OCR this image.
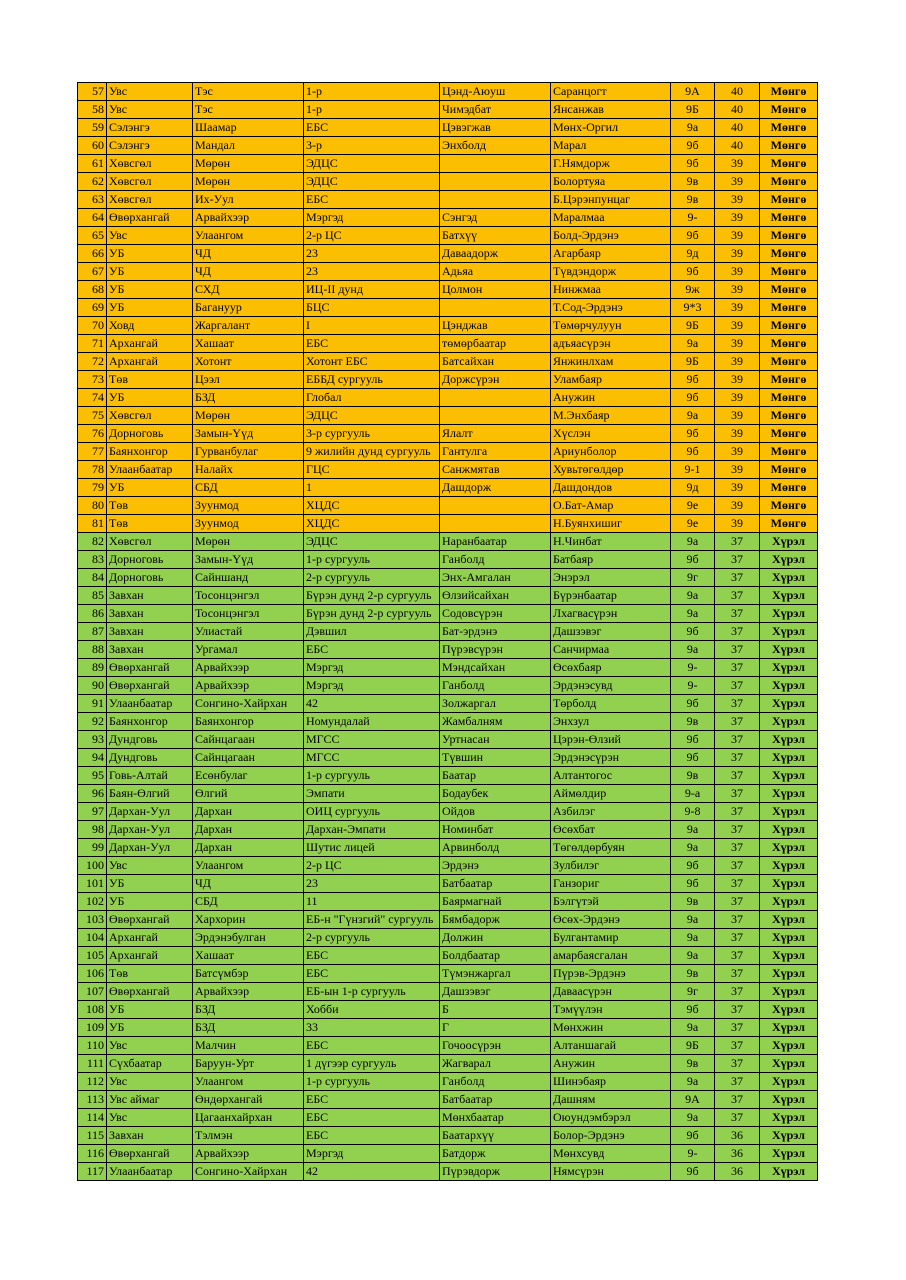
57	Увс	Тэс	1-р	Цэнд-Аюуш	Саранцогт	9А	40	Мөнгө
58	Увс	Тэс	1-р	Чимэдбат	Янсанжав	9Б	40	Мөнгө
59	Сэлэнгэ	Шаамар	ЕБС	Цэвэгжав	Мөнх-Оргил	9а	40	Мөнгө
60	Сэлэнгэ	Мандал	3-р	Энхболд	Марал	9б	40	Мөнгө
61	Хөвсгөл	Мөрөн	ЭДЦС		Г.Нямдорж	9б	39	Мөнгө
62	Хөвсгөл	Мөрөн	ЭДЦС		Болортуяа	9в	39	Мөнгө
63	Хөвсгөл	Их-Уул	ЕБС		Б.Цэрэнпунцаг	9в	39	Мөнгө
64	Өвөрхангай	Арвайхээр	Мэргэд	Сэнгэд	Маралмаа	9-	39	Мөнгө
65	Увс	Улаангом	2-р ЦС	Батхүү	Болд-Эрдэнэ	9б	39	Мөнгө
66	УБ	ЧД	23	Даваадорж	Агарбаяр	9д	39	Мөнгө
67	УБ	ЧД	23	Адьяа	Түвдэндорж	9б	39	Мөнгө
68	УБ	СХД	ИЦ-II дунд	Цолмон	Нинжмаа	9ж	39	Мөнгө
69	УБ	Багануур	БЦС		Т.Сод-Эрдэнэ	9*3	39	Мөнгө
70	Ховд	Жаргалант	I	Цэнджав	Төмөрчулуун	9Б	39	Мөнгө
71	Архангай	Хашаат	ЕБС	төмөрбаатар	адъяасүрэн	9а	39	Мөнгө
72	Архангай	Хотонт	Хотонт ЕБС	Батсайхан	Янжинлхам	9Б	39	Мөнгө
73	Төв	Цээл	ЕББД сургууль	Доржсүрэн	Уламбаяр	9б	39	Мөнгө
74	УБ	БЗД	Глобал		Анужин	9б	39	Мөнгө
75	Хөвсгөл	Мөрөн	ЭДЦС		М.Энхбаяр	9а	39	Мөнгө
76	Дорноговь	Замын-Үүд	3-р сургууль	Ялалт	Хүслэн	9б	39	Мөнгө
77	Баянхонгор	Гурванбулаг	9 жилийн дунд сургууль	Гантулга	Ариунболор	9б	39	Мөнгө
78	Улаанбаатар	Налайх	ГЦС	Санжмятав	Хувьтөгөлдөр	9-1	39	Мөнгө
79	УБ	СБД	1	Дашдорж	Дашдондов	9д	39	Мөнгө
80	Төв	Зуунмод	ХЦДС		О.Бат-Амар	9е	39	Мөнгө
81	Төв	Зуунмод	ХЦДС		Н.Буянхишиг	9е	39	Мөнгө
82	Хөвсгөл	Мөрөн	ЭДЦС	Наранбаатар	Н.Чинбат	9а	37	Хүрэл
83	Дорноговь	Замын-Үүд	1-р сургууль	Ганболд	Батбаяр	9б	37	Хүрэл
84	Дорноговь	Сайншанд	2-р сургууль	Энх-Амгалан	Энэрэл	9г	37	Хүрэл
85	Завхан	Тосонцэнгэл	Бүрэн дунд 2-р сургууль	Өлзийсайхан	Бүрэнбаатар	9а	37	Хүрэл
86	Завхан	Тосонцэнгэл	Бүрэн дунд 2-р сургууль	Содовсүрэн	Лхагвасүрэн	9а	37	Хүрэл
87	Завхан	Улиастай	Дэвшил	Бат-эрдэнэ	Дашзэвэг	9б	37	Хүрэл
88	Завхан	Ургамал	ЕБС	Пүрэвсүрэн	Санчирмаа	9а	37	Хүрэл
89	Өвөрхангай	Арвайхээр	Мэргэд	Мэндсайхан	Өсөхбаяр	9-	37	Хүрэл
90	Өвөрхангай	Арвайхээр	Мэргэд	Ганболд	Эрдэнэсувд	9-	37	Хүрэл
91	Улаанбаатар	Сонгино-Хайрхан	42	Золжаргал	Төрболд	9б	37	Хүрэл
92	Баянхонгор	Баянхонгор	Номундалай	Жамбалням	Энхзул	9в	37	Хүрэл
93	Дундговь	Сайнцагаан	МГСС	Уртнасан	Цэрэн-Өлзий	9б	37	Хүрэл
94	Дундговь	Сайнцагаан	МГСС	Түвшин	Эрдэнэсүрэн	9б	37	Хүрэл
95	Говь-Алтай	Есөнбулаг	1-р сургууль	Баатар	Алтантогос	9в	37	Хүрэл
96	Баян-Өлгий	Өлгий	Эмпати	Бодаубек	Аймөлдир	9-а	37	Хүрэл
97	Дархан-Уул	Дархан	ОИЦ сургууль	Ойдов	Азбилэг	9-8	37	Хүрэл
98	Дархан-Уул	Дархан	Дархан-Эмпати	Номинбат	Өсөхбат	9а	37	Хүрэл
99	Дархан-Уул	Дархан	Шутис лицей	Арвинболд	Төгөлдөрбуян	9а	37	Хүрэл
100	Увс	Улаангом	2-р ЦС	Эрдэнэ	Зулбилэг	9б	37	Хүрэл
101	УБ	ЧД	23	Батбаатар	Ганзориг	9б	37	Хүрэл
102	УБ	СБД	11	Баярмагнай	Бэлгүтэй	9в	37	Хүрэл
103	Өвөрхангай	Хархорин	ЕБ-н "Гүнзгий" сургууль	Бямбадорж	Өсөх-Эрдэнэ	9а	37	Хүрэл
104	Архангай	Эрдэнэбулган	2-р сургууль	Должин	Булгантамир	9а	37	Хүрэл
105	Архангай	Хашаат	ЕБС	Болдбаатар	амарбаясгалан	9а	37	Хүрэл
106	Төв	Батсүмбэр	ЕБС	Түмэнжаргал	Пүрэв-Эрдэнэ	9в	37	Хүрэл
107	Өвөрхангай	Арвайхээр	ЕБ-ын 1-р сургууль	Дашзэвэг	Даваасүрэн	9г	37	Хүрэл
108	УБ	БЗД	Хобби	Б	Тэмүүлэн	9б	37	Хүрэл
109	УБ	БЗД	33	Г	Мөнхжин	9а	37	Хүрэл
110	Увс	Малчин	ЕБС	Гочоосүрэн	Алтаншагай	9Б	37	Хүрэл
111	Сүхбаатар	Баруун-Урт	1 дүгээр сургууль	Жагварал	Анужин	9в	37	Хүрэл
112	Увс	Улаангом	1-р сургууль	Ганболд	Шинэбаяр	9а	37	Хүрэл
113	Увс аймаг	Өндөрхангай	ЕБС	Батбаатар	Дашням	9А	37	Хүрэл
114	Увс	Цагаанхайрхан	ЕБС	Мөнхбаатар	Оюундэмбэрэл	9а	37	Хүрэл
115	Завхан	Тэлмэн	ЕБС	Баатархүү	Болор-Эрдэнэ	9б	36	Хүрэл
116	Өвөрхангай	Арвайхээр	Мэргэд	Батдорж	Мөнхсувд	9-	36	Хүрэл
117	Улаанбаатар	Сонгино-Хайрхан	42	Пүрэвдорж	Нямсүрэн	9б	36	Хүрэл
